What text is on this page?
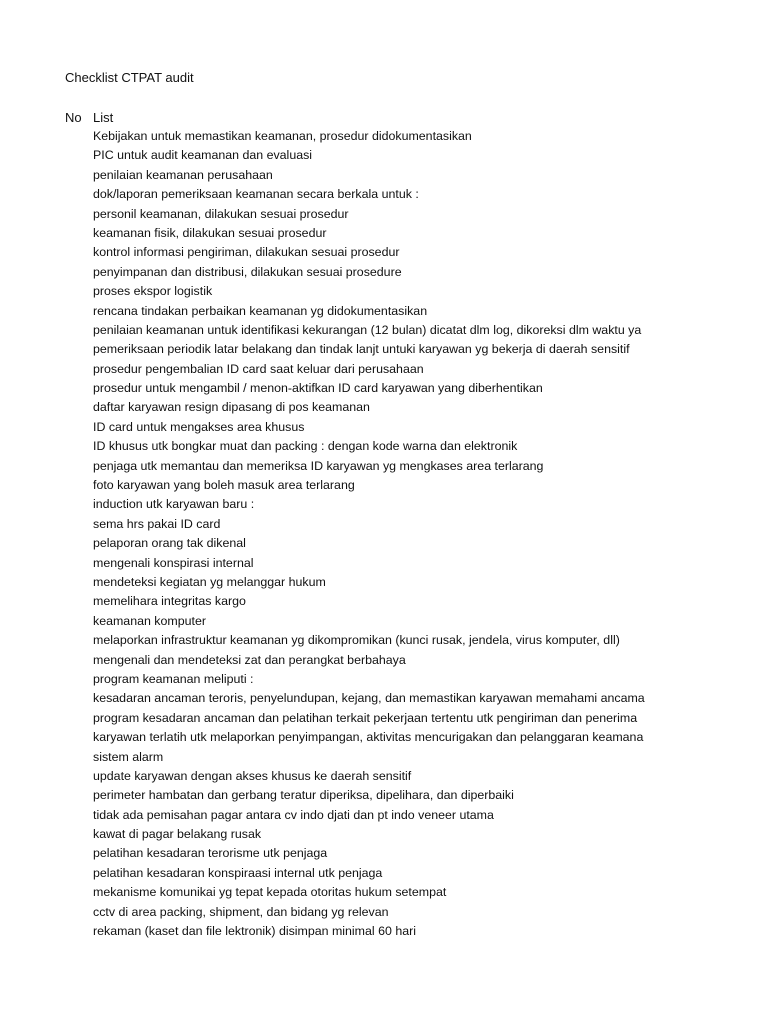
Checklist CTPAT audit
No List
Kebijakan untuk memastikan keamanan, prosedur didokumentasikan
PIC untuk audit keamanan dan evaluasi
penilaian keamanan perusahaan
dok/laporan pemeriksaan keamanan secara berkala untuk :
personil keamanan, dilakukan sesuai prosedur
keamanan fisik, dilakukan sesuai prosedur
kontrol informasi pengiriman, dilakukan sesuai prosedur
penyimpanan dan distribusi, dilakukan sesuai prosedure
proses ekspor logistik
rencana tindakan perbaikan keamanan yg didokumentasikan
penilaian keamanan untuk identifikasi kekurangan (12 bulan) dicatat dlm log, dikoreksi dlm waktu ya
pemeriksaan periodik latar belakang dan tindak lanjt untuki karyawan yg bekerja di daerah sensitif
prosedur pengembalian ID card saat keluar dari perusahaan
prosedur untuk mengambil / menon-aktifkan ID card karyawan yang diberhentikan
daftar karyawan resign dipasang di pos keamanan
ID card untuk mengakses area khusus
ID khusus utk bongkar muat dan packing : dengan kode warna dan elektronik
penjaga utk memantau dan memeriksa ID karyawan yg mengkases area terlarang
foto karyawan yang boleh masuk area terlarang
induction utk karyawan baru :
sema hrs pakai ID card
pelaporan orang tak dikenal
mengenali konspirasi internal
mendeteksi kegiatan yg melanggar hukum
memelihara integritas kargo
keamanan komputer
melaporkan infrastruktur keamanan yg dikompromikan (kunci rusak, jendela, virus komputer, dll)
mengenali dan mendeteksi zat dan perangkat berbahaya
program keamanan meliputi :
kesadaran ancaman teroris, penyelundupan, kejang, dan memastikan karyawan memahami ancama
program kesadaran ancaman dan pelatihan terkait pekerjaan tertentu utk pengiriman dan penerima
karyawan terlatih utk melaporkan penyimpangan, aktivitas mencurigakan dan pelanggaran keamana
sistem alarm
update karyawan dengan akses khusus ke daerah sensitif
perimeter hambatan dan gerbang teratur diperiksa, dipelihara, dan diperbaiki
tidak ada pemisahan pagar antara cv indo djati dan pt indo veneer utama
kawat di pagar belakang rusak
pelatihan kesadaran terorisme utk penjaga
pelatihan kesadaran konspiraasi internal utk penjaga
mekanisme komunikai yg tepat kepada otoritas hukum setempat
cctv di area packing, shipment, dan bidang yg relevan
rekaman (kaset dan file lektronik) disimpan minimal 60 hari
